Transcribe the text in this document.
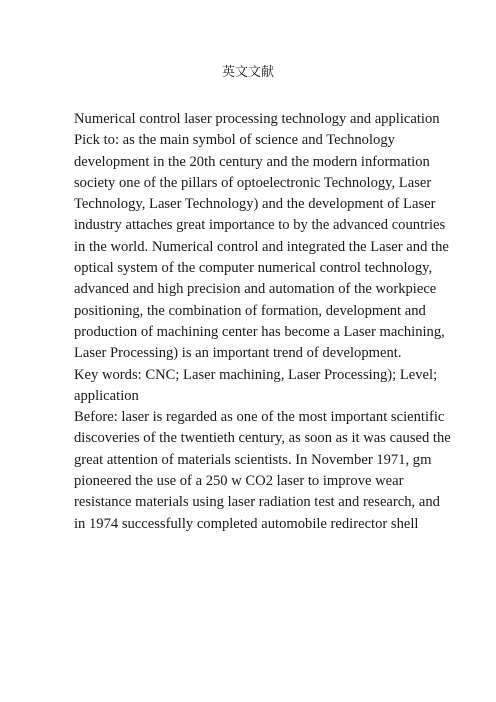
英文文献
Numerical control laser processing technology and application
Pick to: as the main symbol of science and Technology
development in the 20th century and the modern information
society one of the pillars of optoelectronic Technology, Laser
Technology, Laser Technology) and the development of Laser
industry attaches great importance to by the advanced countries
in the world. Numerical control and integrated the Laser and the
optical system of the computer numerical control technology,
advanced and high precision and automation of the workpiece
positioning, the combination of formation, development and
production of machining center has become a Laser machining,
Laser Processing) is an important trend of development.
Key words: CNC; Laser machining, Laser Processing); Level;
application
Before: laser is regarded as one of the most important scientific
discoveries of the twentieth century, as soon as it was caused the
great attention of materials scientists. In November 1971, gm
pioneered the use of a 250 w CO2 laser to improve wear
resistance materials using laser radiation test and research, and
in 1974 successfully completed automobile redirector shell
